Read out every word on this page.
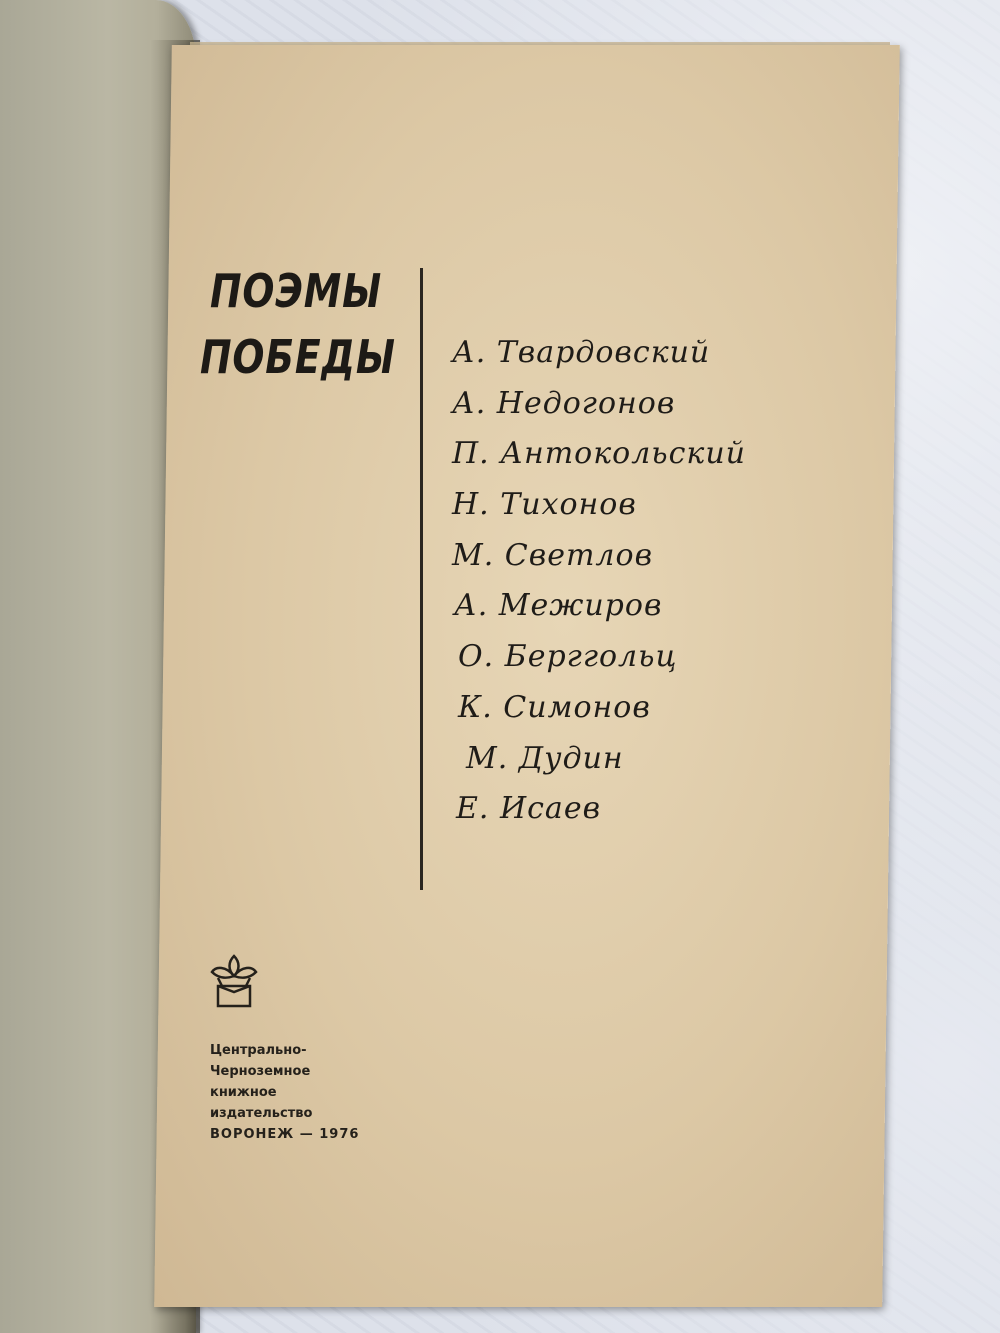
ПОЭМЫ
ПОБЕДЫ А. Твардовский
А. Недогонов
П. Антокольский
Н. Тихонов
М. Светлов
А. Межиров
О. Берггольц
К. Симонов
М. Дудин
Е. Исаев
Центрально-
Черноземное
книжное
издательство
ВОРОНЕЖ — 1976
